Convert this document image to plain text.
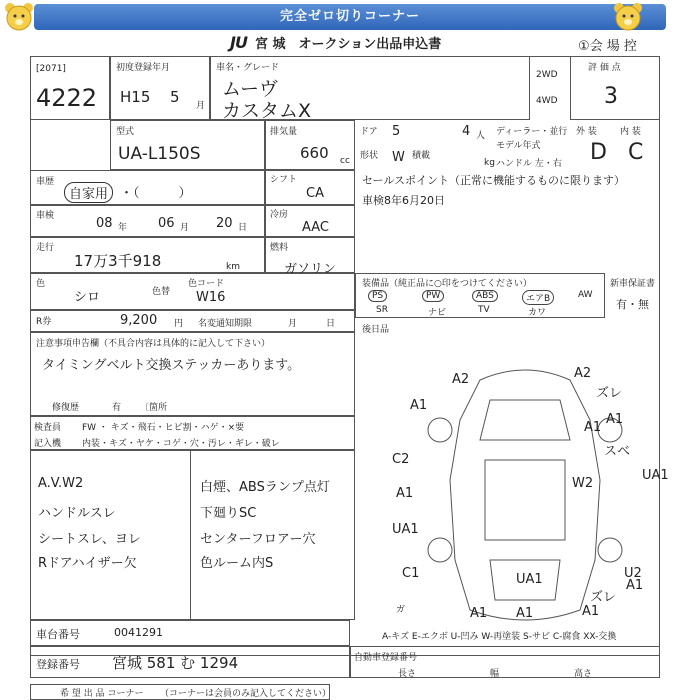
完全ゼロ切りコーナー
JU 宮 城　オークション出品申込書	①会 場 控
[2071]
4222
初度登録年月
H15 5 月
車名・グレード
ムーヴ
カスタムX
2WD
4WD
評 価 点
3
型式
UA-L150S
排気量
660 cc
ドア 5	4 人
形状 W 積載
kg
ディーラー・並行
モデル年式
ハンドル 左・右
外 装	内 装
D C
車歴
自家用 ・（　　　）
シフト
CA
セールスポイント（正常に機能するものに限ります）
車検8年6月20日
車検	08 年 06 月 20 日
冷房
AAC
走行
17万3千918	km
燃料
ガソリン
色
シロ	色替
色コード
W16
装備品（純正品に○印をつけてください）
PS	PW	ABS	エアB	AW
SR	ナビ	TV	カワ
新車保証書
有・無
R券	9,200 円 名変通知期限	月	日
後日品
注意事項申告欄（不具合内容は具体的に記入して下さい）
タイミングベルト交換ステッカーあります。
修復歴	有 〔箇所
検査員
記入機
FW ・ キズ・飛石・ヒビ割・ハゲ・×要
内装・キズ・ヤケ・コゲ・穴・汚レ・ギレ・破レ
A.V.W2
ハンドルスレ
シートスレ、ヨレ
Rドアハイザー欠
白煙、ABSランプ点灯
下廻りSC
センターフロアー穴
色ルーム内S
A2	A2
ズレ
A1
A1
C2
A1
UA1
C1
A1
ガ	A1
ズレ
A1
W2
UA1
U2
A1
UA1
A1
スベ
A-キズ E-エクボ U-凹み W-再塗装 S-サビ C-腐食 XX-交換
車台番号	0041291
登録番号 宮城 581 む 1294	自動車登録番号
長さ	幅	高さ
希 望 出 品 コーナー （コーナーは会員のみ記入してください）
